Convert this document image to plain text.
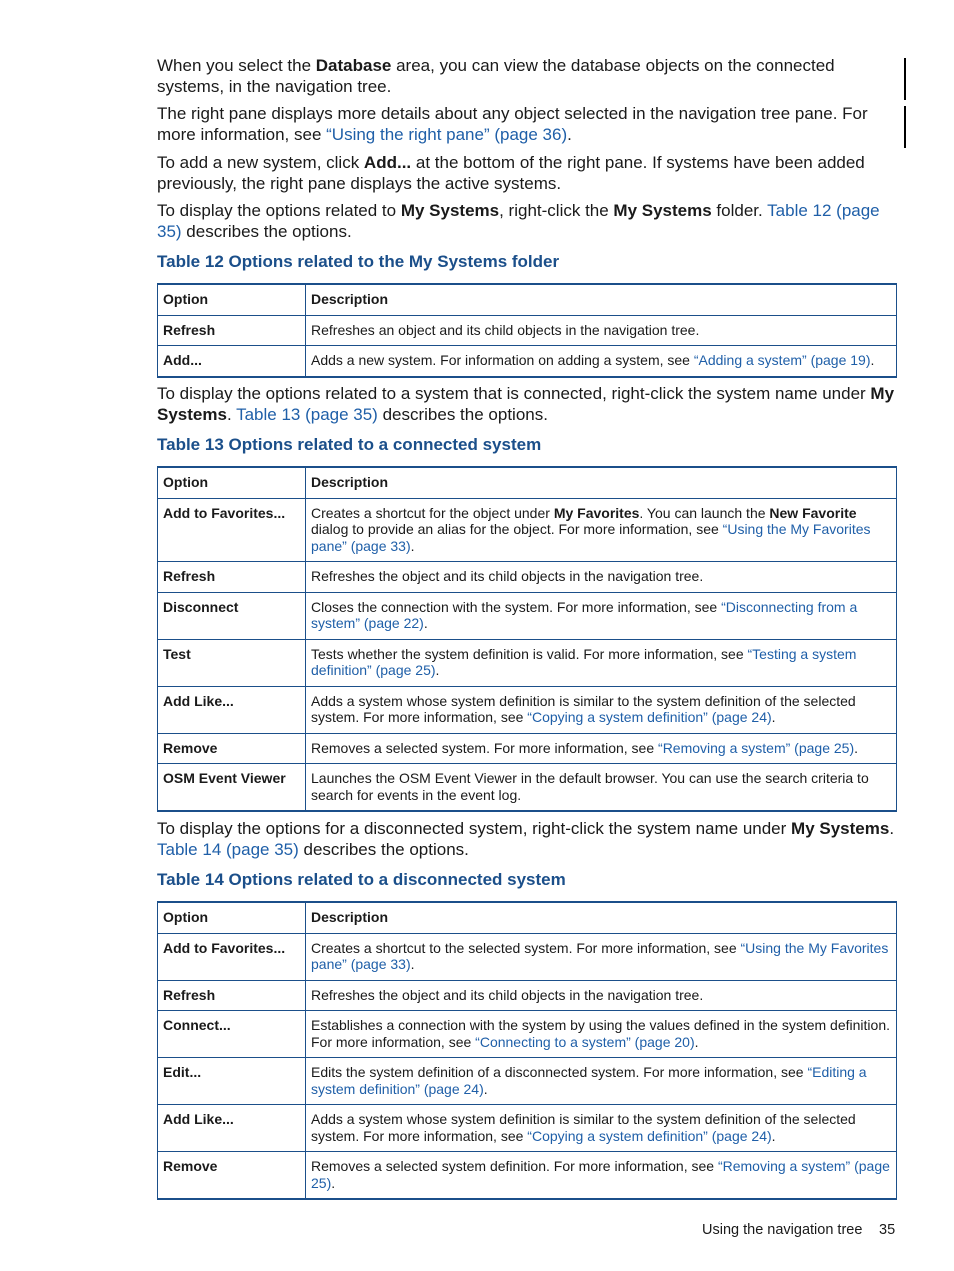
When you select the Database area, you can view the database objects on the connected systems, in the navigation tree.

The right pane displays more details about any object selected in the navigation tree pane. For more information, see “Using the right pane” (page 36).

To add a new system, click Add... at the bottom of the right pane. If systems have been added previously, the right pane displays the active systems.

To display the options related to My Systems, right-click the My Systems folder. Table 12 (page 35) describes the options.

Table 12 Options related to the My Systems folder

Option	Description
Refresh	Refreshes an object and its child objects in the navigation tree.
Add...	Adds a new system. For information on adding a system, see “Adding a system” (page 19).

To display the options related to a system that is connected, right-click the system name under My Systems. Table 13 (page 35) describes the options.

Table 13 Options related to a connected system

Option	Description
Add to Favorites...	Creates a shortcut for the object under My Favorites. You can launch the New Favorite dialog to provide an alias for the object. For more information, see “Using the My Favorites pane” (page 33).
Refresh	Refreshes the object and its child objects in the navigation tree.
Disconnect	Closes the connection with the system. For more information, see “Disconnecting from a system” (page 22).
Test	Tests whether the system definition is valid. For more information, see “Testing a system definition” (page 25).
Add Like...	Adds a system whose system definition is similar to the system definition of the selected system. For more information, see “Copying a system definition” (page 24).
Remove	Removes a selected system. For more information, see “Removing a system” (page 25).
OSM Event Viewer	Launches the OSM Event Viewer in the default browser. You can use the search criteria to search for events in the event log.

To display the options for a disconnected system, right-click the system name under My Systems. Table 14 (page 35) describes the options.

Table 14 Options related to a disconnected system

Option	Description
Add to Favorites...	Creates a shortcut to the selected system. For more information, see “Using the My Favorites pane” (page 33).
Refresh	Refreshes the object and its child objects in the navigation tree.
Connect...	Establishes a connection with the system by using the values defined in the system definition. For more information, see “Connecting to a system” (page 20).
Edit...	Edits the system definition of a disconnected system. For more information, see “Editing a system definition” (page 24).
Add Like...	Adds a system whose system definition is similar to the system definition of the selected system. For more information, see “Copying a system definition” (page 24).
Remove	Removes a selected system definition. For more information, see “Removing a system” (page 25).
Using the navigation tree 35
